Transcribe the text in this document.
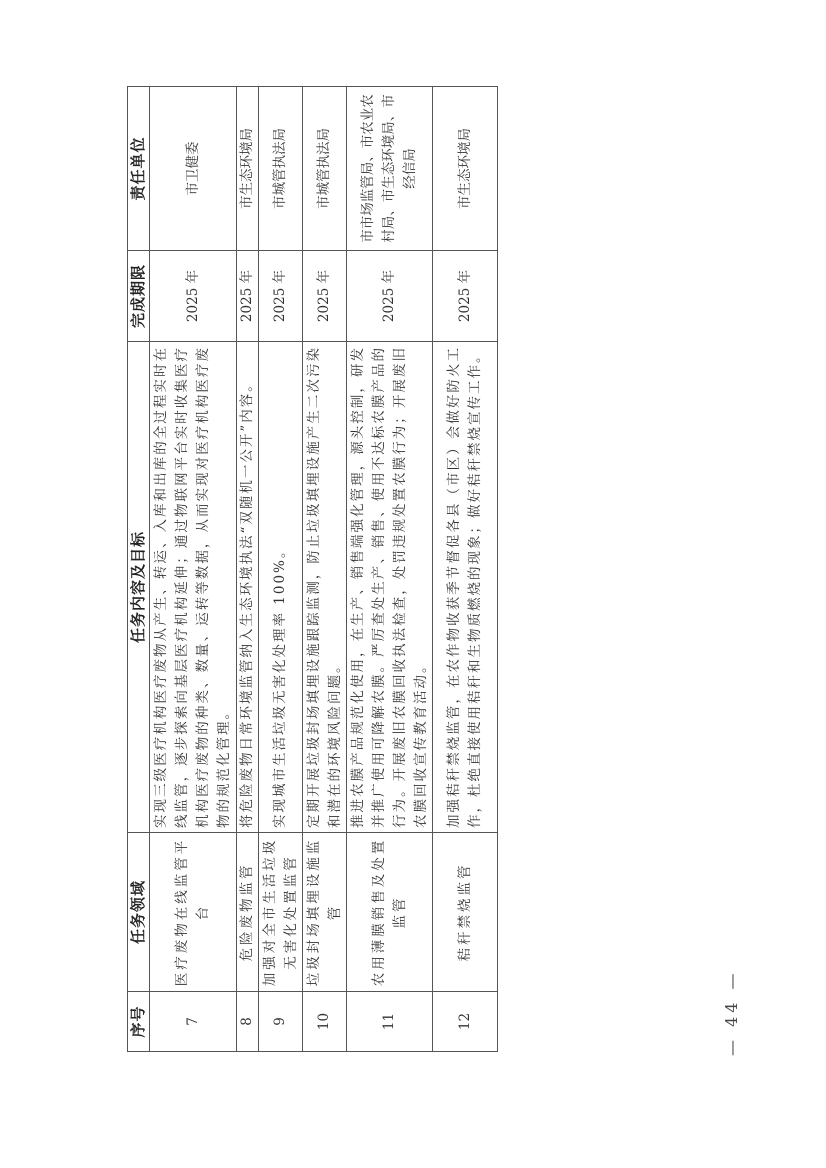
序号	任务领域	任务内容及目标	完成期限	责任单位
7	医疗废物在线监管平台	实现三级医疗机构医疗废物从产生、转运、入库和出库的全过程实时在线监管，逐步探索向基层医疗机构延伸；通过物联网平台实时收集医疗机构医疗废物的种类、数量、运转等数据，从而实现对医疗机构医疗废物的规范化管理。	2025 年	市卫健委
8	危险废物监管	将危险废物日常环境监管纳入生态环境执法“双随机一公开”内容。	2025 年	市生态环境局
9	加强对全市生活垃圾无害化处置监管	实现城市生活垃圾无害化处理率 100%。	2025 年	市城管执法局
10	垃圾封场填埋设施监管	定期开展垃圾封场填埋设施跟踪监测，防止垃圾填埋设施产生二次污染和潜在的环境风险问题。	2025 年	市城管执法局
11	农用薄膜销售及处置监管	推进农膜产品规范化使用，在生产、销售端强化管理，源头控制，研发并推广使用可降解农膜。严厉查处生产、销售、使用不达标农膜产品的行为。开展废旧农膜回收执法检查，处罚违规处置农膜行为；开展废旧农膜回收宣传教育活动。	2025 年	市市场监管局、市农业农村局、市生态环境局、市经信局
12	秸秆禁烧监管	加强秸秆禁烧监管，在农作物收获季节督促各县（市区）会做好防火工作，杜绝直接使用秸秆和生物质燃烧的现象；做好秸秆禁烧宣传工作。	2025 年	市生态环境局
— 44 —
